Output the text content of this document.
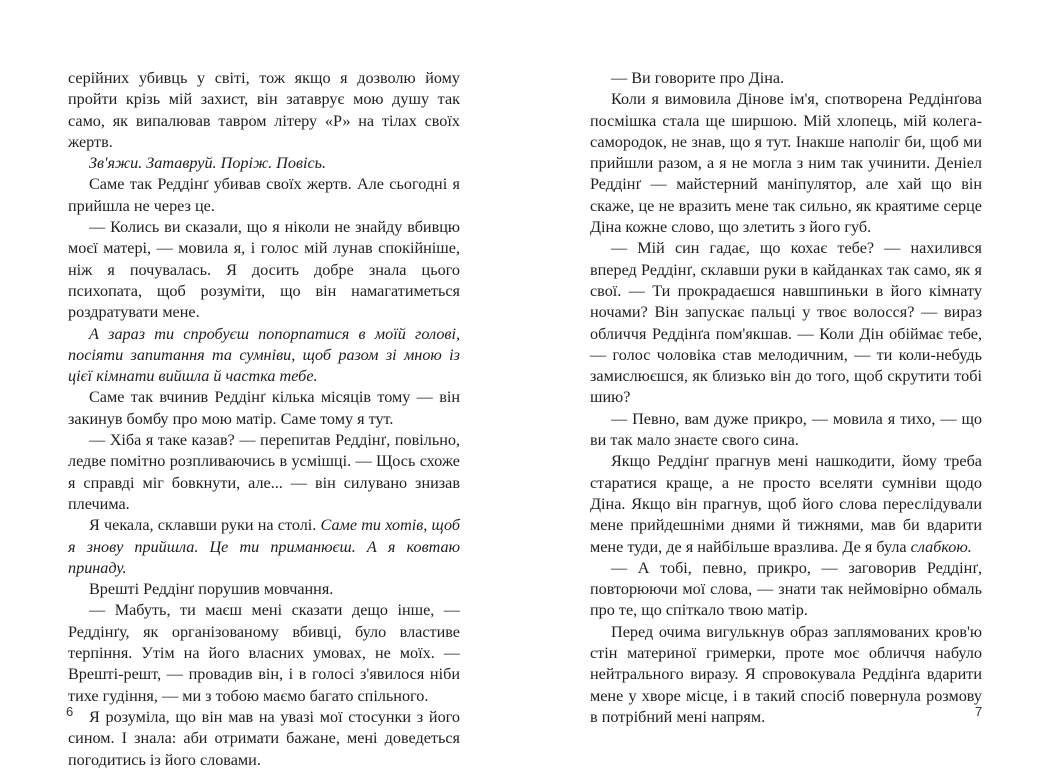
серійних убивць у світі, тож якщо я дозволю йому пройти крізь мій захист, він затаврує мою душу так само, як випалював тавром літеру «Р» на тілах своїх жертв.

Зв'яжи. Затавруй. Поріж. Повісь.

Саме так Реддінґ убивав своїх жертв. Але сьогодні я прийшла не через це.

— Колись ви сказали, що я ніколи не знайду вбивцю моєї матері, — мовила я, і голос мій лунав спокійніше, ніж я почувалась. Я досить добре знала цього психопата, щоб розуміти, що він намагатиметься роздратувати мене.

А зараз ти спробуєш попорпатися в моїй голові, посіяти запитання та сумніви, щоб разом зі мною із цієї кімнати вийшла й частка тебе.

Саме так вчинив Реддінґ кілька місяців тому — він закинув бомбу про мою матір. Саме тому я тут.

— Хіба я таке казав? — перепитав Реддінґ, повільно, ледве помітно розпливаючись в усмішці. — Щось схоже я справді міг бовкнути, але... — він силувано знизав плечима.

Я чекала, склавши руки на столі. Саме ти хотів, щоб я знову прийшла. Це ти приманюєш. А я ковтаю принаду.

Врешті Реддінґ порушив мовчання.

— Мабуть, ти маєш мені сказати дещо інше, — Реддінґу, як організованому вбивці, було властиве терпіння. Утім на його власних умовах, не моїх. — Врешті-решт, — провадив він, і в голосі з'явилося ніби тихе гудіння, — ми з тобою маємо багато спільного.

Я розуміла, що він мав на увазі мої стосунки з його сином. І знала: аби отримати бажане, мені доведеться погодитись із його словами.

— Ви говорите про Діна.

Коли я вимовила Дінове ім'я, спотворена Реддінґова посмішка стала ще ширшою. Мій хлопець, мій колега-самородок, не знав, що я тут. Інакше наполіг би, щоб ми прийшли разом, а я не могла з ним так учинити. Деніел Реддінґ — майстерний маніпулятор, але хай що він скаже, це не вразить мене так сильно, як краятиме серце Діна кожне слово, що злетить з його губ.

— Мій син гадає, що кохає тебе? — нахилився вперед Реддінґ, склавши руки в кайданках так само, як я свої. — Ти прокрадаєшся навшпиньки в його кімнату ночами? Він запускає пальці у твоє волосся? — вираз обличчя Реддінґа пом'якшав. — Коли Дін обіймає тебе, — голос чоловіка став мелодичним, — ти коли-небудь замислюєшся, як близько він до того, щоб скрутити тобі шию?

— Певно, вам дуже прикро, — мовила я тихо, — що ви так мало знаєте свого сина.

Якщо Реддінґ прагнув мені нашкодити, йому треба старатися краще, а не просто вселяти сумніви щодо Діна. Якщо він прагнув, щоб його слова переслідували мене прийдешніми днями й тижнями, мав би вдарити мене туди, де я найбільше вразлива. Де я була слабкою.

— А тобі, певно, прикро, — заговорив Реддінґ, повторюючи мої слова, — знати так неймовірно обмаль про те, що спіткало твою матір.

Перед очима вигулькнув образ заплямованих кров'ю стін материної гримерки, проте моє обличчя набуло нейтрального виразу. Я спровокувала Реддінґа вдарити мене у хворе місце, і в такий спосіб повернула розмову в потрібний мені напрям.

6	7
